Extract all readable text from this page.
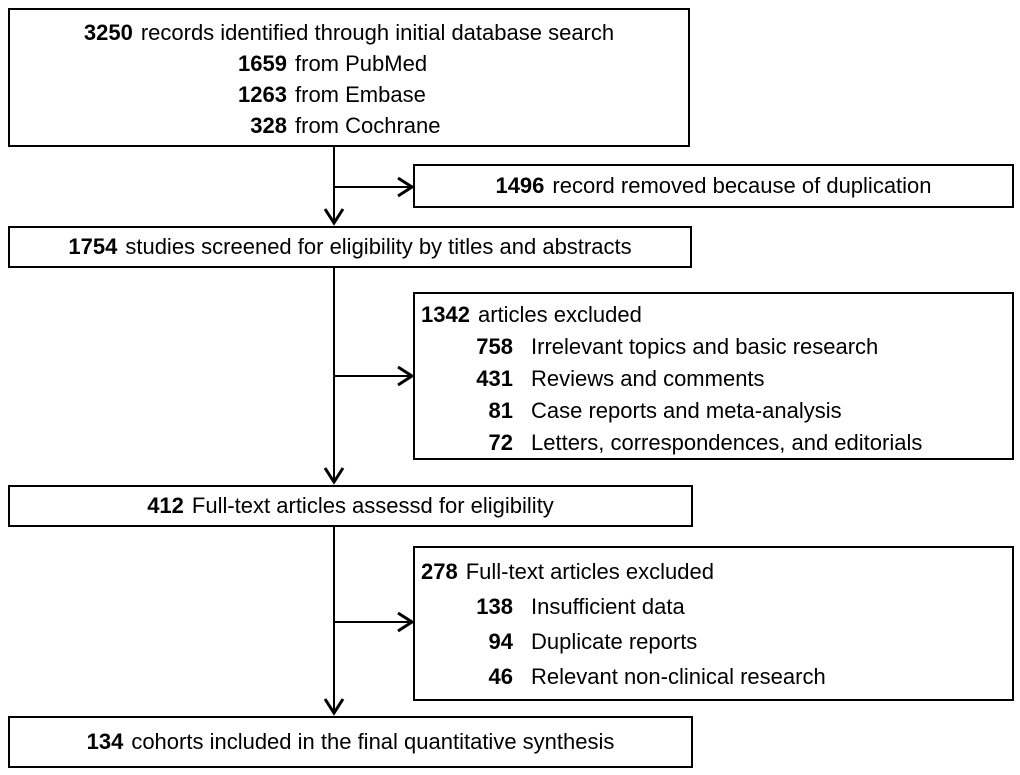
3250 records identified through initial database search
1659 from PubMed
1263 from Embase
328 from Cochrane
1496 record removed because of duplication
1754 studies screened for eligibility by titles and abstracts
1342 articles excluded
758 Irrelevant topics and basic research
431 Reviews and comments
81 Case reports and meta-analysis
72 Letters, correspondences, and editorials
412 Full-text articles assessd for eligibility
278 Full-text articles excluded
138 Insufficient data
94 Duplicate reports
46 Relevant non-clinical research
134 cohorts included in the final quantitative synthesis
